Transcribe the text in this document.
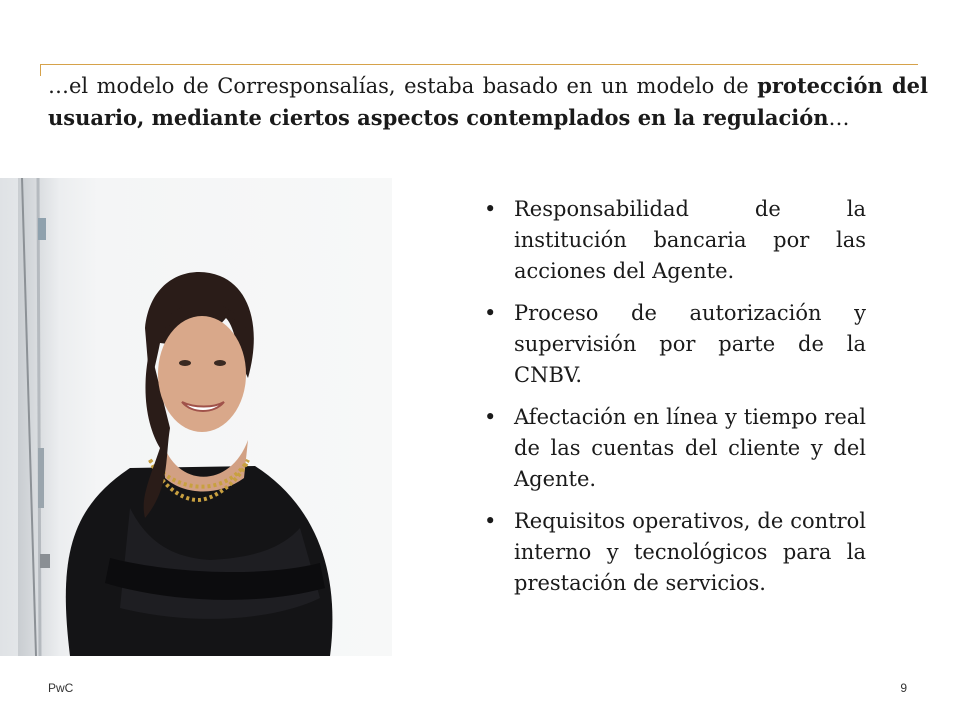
…el modelo de Corresponsalías, estaba basado en un modelo de protección del usuario, mediante ciertos aspectos contemplados en la regulación…
• Responsabilidad de la institución bancaria por las acciones del Agente.
• Proceso de autorización y supervisión por parte de la CNBV.
• Afectación en línea y tiempo real de las cuentas del cliente y del Agente.
• Requisitos operativos, de control interno y tecnológicos para la prestación de servicios.
PwC	9
